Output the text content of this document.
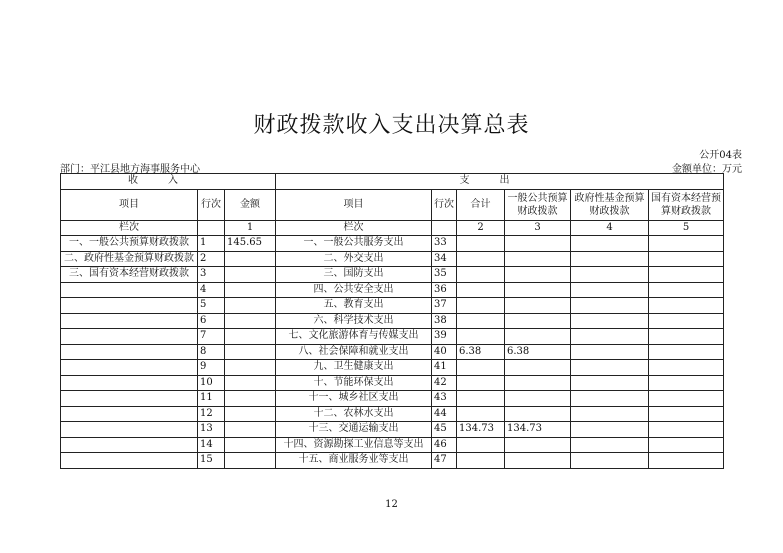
财政拨款收入支出决算总表
公开04表
部门：平江县地方海事服务中心	金额单位：万元
收入			支出					
项目	行次	金额	项目	行次	合计	一般公共预算财政拨款	政府性基金预算财政拨款	国有资本经营预算财政拨款
栏次		1	栏次		2	3	4	5
一、一般公共预算财政拨款	1	145.65	一、一般公共服务支出	33				
二、政府性基金预算财政拨款	2		二、外交支出	34				
三、国有资本经营财政拨款	3		三、国防支出	35				
	4		四、公共安全支出	36				
	5		五、教育支出	37				
	6		六、科学技术支出	38				
	7		七、文化旅游体育与传媒支出	39				
	8		八、社会保障和就业支出	40	6.38	6.38		
	9		九、卫生健康支出	41				
	10		十、节能环保支出	42				
	11		十一、城乡社区支出	43				
	12		十二、农林水支出	44				
	13		十三、交通运输支出	45	134.73	134.73		
	14		十四、资源勘探工业信息等支出	46				
	15		十五、商业服务业等支出	47				
12
